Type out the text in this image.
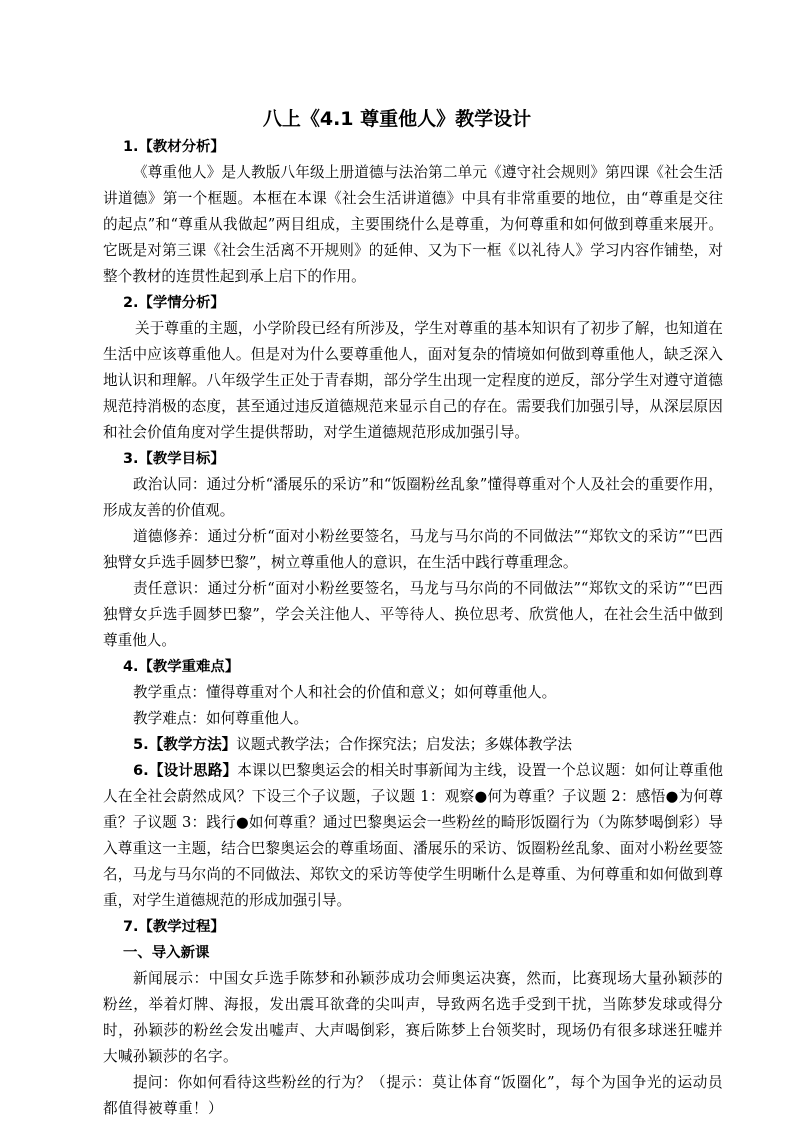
八上《4.1 尊重他人》教学设计
1.【教材分析】
《尊重他人》是人教版八年级上册道德与法治第二单元《遵守社会规则》第四课《社会生活讲道德》第一个框题。本框在本课《社会生活讲道德》中具有非常重要的地位，由“尊重是交往的起点”和“尊重从我做起”两目组成，主要围绕什么是尊重，为何尊重和如何做到尊重来展开。它既是对第三课《社会生活离不开规则》的延伸、又为下一框《以礼待人》学习内容作铺垫，对整个教材的连贯性起到承上启下的作用。
2.【学情分析】
关于尊重的主题，小学阶段已经有所涉及，学生对尊重的基本知识有了初步了解，也知道在生活中应该尊重他人。但是对为什么要尊重他人，面对复杂的情境如何做到尊重他人，缺乏深入地认识和理解。八年级学生正处于青春期，部分学生出现一定程度的逆反，部分学生对遵守道德规范持消极的态度，甚至通过违反道德规范来显示自己的存在。需要我们加强引导，从深层原因和社会价值角度对学生提供帮助，对学生道德规范形成加强引导。
3.【教学目标】
政治认同：通过分析“潘展乐的采访”和“饭圈粉丝乱象”懂得尊重对个人及社会的重要作用，形成友善的价值观。
道德修养：通过分析“面对小粉丝要签名，马龙与马尔尚的不同做法”“郑钦文的采访”“巴西独臂女乒选手圆梦巴黎”，树立尊重他人的意识，在生活中践行尊重理念。
责任意识：通过分析“面对小粉丝要签名，马龙与马尔尚的不同做法”“郑钦文的采访”“巴西独臂女乒选手圆梦巴黎”，学会关注他人、平等待人、换位思考、欣赏他人，在社会生活中做到尊重他人。
4.【教学重难点】
教学重点：懂得尊重对个人和社会的价值和意义；如何尊重他人。
教学难点：如何尊重他人。
5.【教学方法】议题式教学法；合作探究法；启发法；多媒体教学法
6.【设计思路】本课以巴黎奥运会的相关时事新闻为主线，设置一个总议题：如何让尊重他人在全社会蔚然成风？下设三个子议题，子议题 1：观察●何为尊重？子议题 2：感悟●为何尊重？子议题 3：践行●如何尊重？通过巴黎奥运会一些粉丝的畸形饭圈行为（为陈梦喝倒彩）导入尊重这一主题，结合巴黎奥运会的尊重场面、潘展乐的采访、饭圈粉丝乱象、面对小粉丝要签名，马龙与马尔尚的不同做法、郑钦文的采访等使学生明晰什么是尊重、为何尊重和如何做到尊重，对学生道德规范的形成加强引导。
7.【教学过程】
一、导入新课
新闻展示：中国女乒选手陈梦和孙颖莎成功会师奥运决赛，然而，比赛现场大量孙颖莎的粉丝，举着灯牌、海报，发出震耳欲聋的尖叫声，导致两名选手受到干扰，当陈梦发球或得分时，孙颖莎的粉丝会发出嘘声、大声喝倒彩，赛后陈梦上台领奖时，现场仍有很多球迷狂嘘并大喊孙颖莎的名字。
提问：你如何看待这些粉丝的行为？（提示：莫让体育“饭圈化”，每个为国争光的运动员都值得被尊重！）
